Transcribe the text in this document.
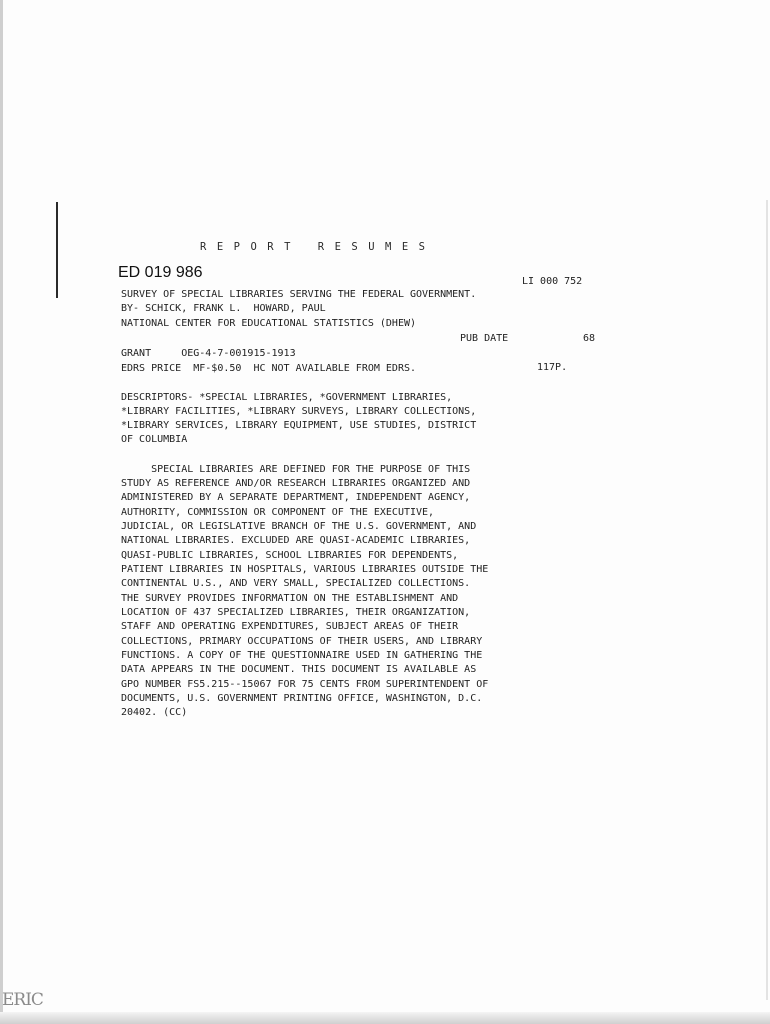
REPORT RESUMES
ED 019 986
LI 000 752
SURVEY OF SPECIAL LIBRARIES SERVING THE FEDERAL GOVERNMENT.
BY- SCHICK, FRANK L.  HOWARD, PAUL
NATIONAL CENTER FOR EDUCATIONAL STATISTICS (DHEW)
PUB DATE	68
GRANT     OEG-4-7-001915-1913
EDRS PRICE  MF-$0.50  HC NOT AVAILABLE FROM EDRS.	117P.
DESCRIPTORS- *SPECIAL LIBRARIES, *GOVERNMENT LIBRARIES,
*LIBRARY FACILITIES, *LIBRARY SURVEYS, LIBRARY COLLECTIONS,
*LIBRARY SERVICES, LIBRARY EQUIPMENT, USE STUDIES, DISTRICT
OF COLUMBIA
SPECIAL LIBRARIES ARE DEFINED FOR THE PURPOSE OF THIS
STUDY AS REFERENCE AND/OR RESEARCH LIBRARIES ORGANIZED AND
ADMINISTERED BY A SEPARATE DEPARTMENT, INDEPENDENT AGENCY,
AUTHORITY, COMMISSION OR COMPONENT OF THE EXECUTIVE,
JUDICIAL, OR LEGISLATIVE BRANCH OF THE U.S. GOVERNMENT, AND
NATIONAL LIBRARIES. EXCLUDED ARE QUASI-ACADEMIC LIBRARIES,
QUASI-PUBLIC LIBRARIES, SCHOOL LIBRARIES FOR DEPENDENTS,
PATIENT LIBRARIES IN HOSPITALS, VARIOUS LIBRARIES OUTSIDE THE
CONTINENTAL U.S., AND VERY SMALL, SPECIALIZED COLLECTIONS.
THE SURVEY PROVIDES INFORMATION ON THE ESTABLISHMENT AND
LOCATION OF 437 SPECIALIZED LIBRARIES, THEIR ORGANIZATION,
STAFF AND OPERATING EXPENDITURES, SUBJECT AREAS OF THEIR
COLLECTIONS, PRIMARY OCCUPATIONS OF THEIR USERS, AND LIBRARY
FUNCTIONS. A COPY OF THE QUESTIONNAIRE USED IN GATHERING THE
DATA APPEARS IN THE DOCUMENT. THIS DOCUMENT IS AVAILABLE AS
GPO NUMBER FS5.215--15067 FOR 75 CENTS FROM SUPERINTENDENT OF
DOCUMENTS, U.S. GOVERNMENT PRINTING OFFICE, WASHINGTON, D.C.
20402. (CC)
ERIC
